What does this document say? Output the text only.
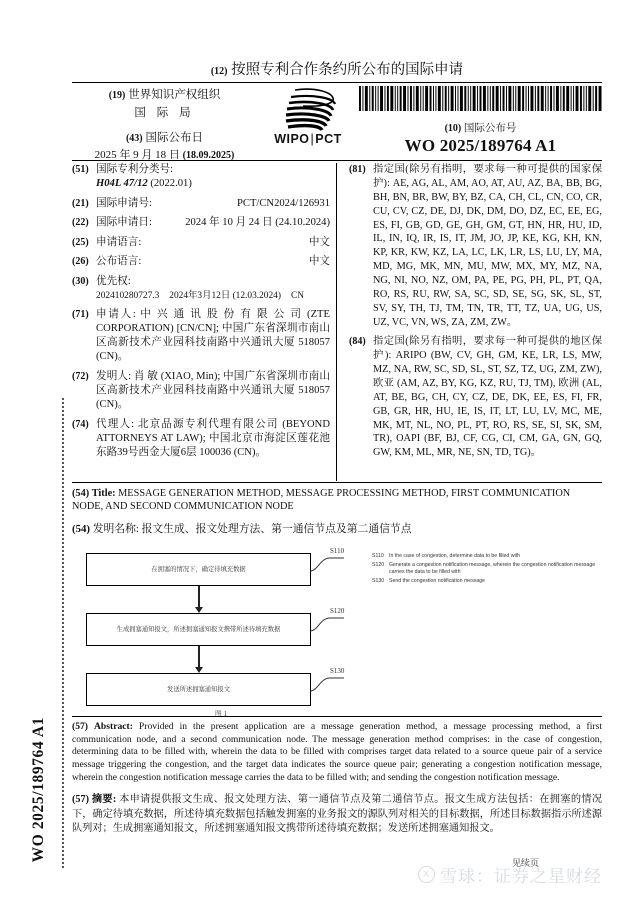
WO 2025/189764 A1
(12) 按照专利合作条约所公布的国际申请
(19) 世界知识产权组织
国 际 局
(43) 国际公布日
2025 年 9 月 18 日 (18.09.2025)
WIPO|PCT
(10) 国际公布号
WO 2025/189764 A1
(51) 国际专利分类号:
H04L 47/12 (2022.01)
(21) 国际申请号:	PCT/CN2024/126931
(22) 国际申请日:	2024 年 10 月 24 日 (24.10.2024)
(25) 申请语言:	中文
(26) 公布语言:	中文
(30) 优先权:
202410280727.3 2024年3月12日 (12.03.2024) CN
(71) 申请人: 中 兴 通 讯 股 份 有 限 公 司 (ZTE CORPORATION) [CN/CN]; 中国广东省深圳市南山区高新技术产业园科技南路中兴通讯大厦 518057 (CN)。
(72) 发明人: 肖 敏 (XIAO, Min); 中国广东省深圳市南山区高新技术产业园科技南路中兴通讯大厦 518057 (CN)。
(74) 代理人: 北京品源专利代理有限公司 (BEYOND ATTORNEYS AT LAW); 中国北京市海淀区莲花池东路39号西金大厦6层 100036 (CN)。
(81) 指定国(除另有指明，要求每一种可提供的国家保护): AE, AG, AL, AM, AO, AT, AU, AZ, BA, BB, BG, BH, BN, BR, BW, BY, BZ, CA, CH, CL, CN, CO, CR, CU, CV, CZ, DE, DJ, DK, DM, DO, DZ, EC, EE, EG, ES, FI, GB, GD, GE, GH, GM, GT, HN, HR, HU, ID, IL, IN, IQ, IR, IS, IT, JM, JO, JP, KE, KG, KH, KN, KP, KR, KW, KZ, LA, LC, LK, LR, LS, LU, LY, MA, MD, MG, MK, MN, MU, MW, MX, MY, MZ, NA, NG, NI, NO, NZ, OM, PA, PE, PG, PH, PL, PT, QA, RO, RS, RU, RW, SA, SC, SD, SE, SG, SK, SL, ST, SV, SY, TH, TJ, TM, TN, TR, TT, TZ, UA, UG, US, UZ, VC, VN, WS, ZA, ZM, ZW。
(84) 指定国(除另有指明，要求每一种可提供的地区保护): ARIPO (BW, CV, GH, GM, KE, LR, LS, MW, MZ, NA, RW, SC, SD, SL, ST, SZ, TZ, UG, ZM, ZW), 欧亚 (AM, AZ, BY, KG, KZ, RU, TJ, TM), 欧洲 (AL, AT, BE, BG, CH, CY, CZ, DE, DK, EE, ES, FI, FR, GB, GR, HR, HU, IE, IS, IT, LT, LU, LV, MC, ME, MK, MT, NL, NO, PL, PT, RO, RS, SE, SI, SK, SM, TR), OAPI (BF, BJ, CF, CG, CI, CM, GA, GN, GQ, GW, KM, ML, MR, NE, SN, TD, TG)。
(54) Title: MESSAGE GENERATION METHOD, MESSAGE PROCESSING METHOD, FIRST COMMUNICATION NODE, AND SECOND COMMUNICATION NODE
(54) 发明名称: 报文生成、报文处理方法、第一通信节点及第二通信节点
在拥塞的情况下，确定待填充数据
生成拥塞通知报文，所述拥塞通知报文携带所述待填充数据
发送所述拥塞通知报文
S110
S120
S130
图 1
S110	In the case of congestion, determine data to be filled with
S120 Generate a congestion notification message, wherein the congestion notification message carries the data to be filled with
S130 Send the congestion notification message
(57) Abstract: Provided in the present application are a message generation method, a message processing method, a first communication node, and a second communication node. The message generation method comprises: in the case of congestion, determining data to be filled with, wherein the data to be filled with comprises target data related to a source queue pair of a service message triggering the congestion, and the target data indicates the source queue pair; generating a congestion notification message, wherein the congestion notification message carries the data to be filled with; and sending the congestion notification message.
(57) 摘要: 本申请提供报文生成、报文处理方法、第一通信节点及第二通信节点。报文生成方法包括：在拥塞的情况下，确定待填充数据，所述待填充数据包括触发拥塞的业务报文的源队列对相关的目标数据，所述目标数据指示所述源队列对；生成拥塞通知报文，所述拥塞通知报文携带所述待填充数据；发送所述拥塞通知报文。
见续页
X 雪球：证券之星财经
